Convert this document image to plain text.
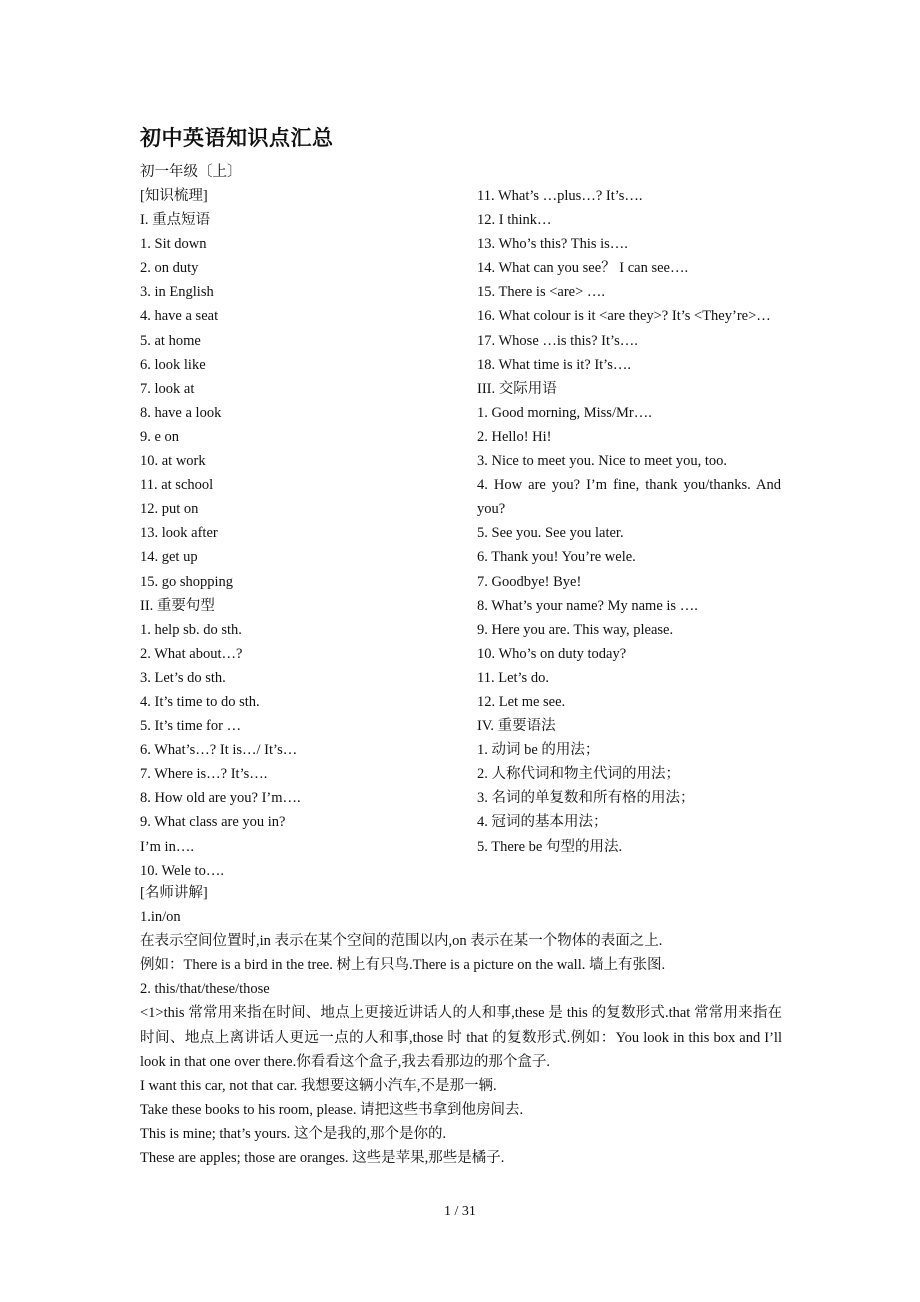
初中英语知识点汇总
初一年级〔上〕
[知识梳理]
I. 重点短语
1. Sit down
2. on duty
3. in English
4. have a seat
5. at home
6. look like
7. look at
8. have a look
9. e on
10. at work
11. at school
12. put on
13. look after
14. get up
15. go shopping
II. 重要句型
1. help sb. do sth.
2. What about…?
3. Let’s do sth.
4. It’s time to do sth.
5. It’s time for …
6. What’s…? It is…/ It’s…
7. Where is…? It’s….
8. How old are you? I’m….
9. What class are you in?
I’m in….
10. Wele to….
11. What’s …plus…? It’s….
12. I think…
13. Who’s this? This is….
14. What can you see？ I can see….
15. There is <are> ….
16. What colour is it <are they>? It’s <They’re>…
17. Whose …is this? It’s….
18. What time is it? It’s….
III. 交际用语
1. Good morning, Miss/Mr….
2. Hello! Hi!
3. Nice to meet you. Nice to meet you, too.
4. How are you? I’m fine, thank you/thanks. And you?
5. See you. See you later.
6. Thank you! You’re wele.
7. Goodbye! Bye!
8. What’s your name? My name is ….
9. Here you are. This way, please.
10. Who’s on duty today?
11. Let’s do.
12. Let me see.
IV. 重要语法
1. 动词 be 的用法；
2. 人称代词和物主代词的用法；
3. 名词的单复数和所有格的用法；
4. 冠词的基本用法；
5. There be 句型的用法.
[名师讲解]
1.in/on
在表示空间位置时,in 表示在某个空间的范围以内,on 表示在某一个物体的表面之上.
例如：There is a bird in the tree. 树上有只鸟.There is a picture on the wall. 墙上有张图.
2. this/that/these/those
<1>this 常常用来指在时间、地点上更接近讲话人的人和事,these 是 this 的复数形式.that 常常用来指在时间、地点上离讲话人更远一点的人和事,those 时 that 的复数形式.例如：You look in this box and I’ll look in that one over there.你看看这个盒子,我去看那边的那个盒子.
I want this car, not that car. 我想要这辆小汽车,不是那一辆.
Take these books to his room, please. 请把这些书拿到他房间去.
This is mine; that’s yours. 这个是我的,那个是你的.
These are apples; those are oranges. 这些是苹果,那些是橘子.
1 / 31
